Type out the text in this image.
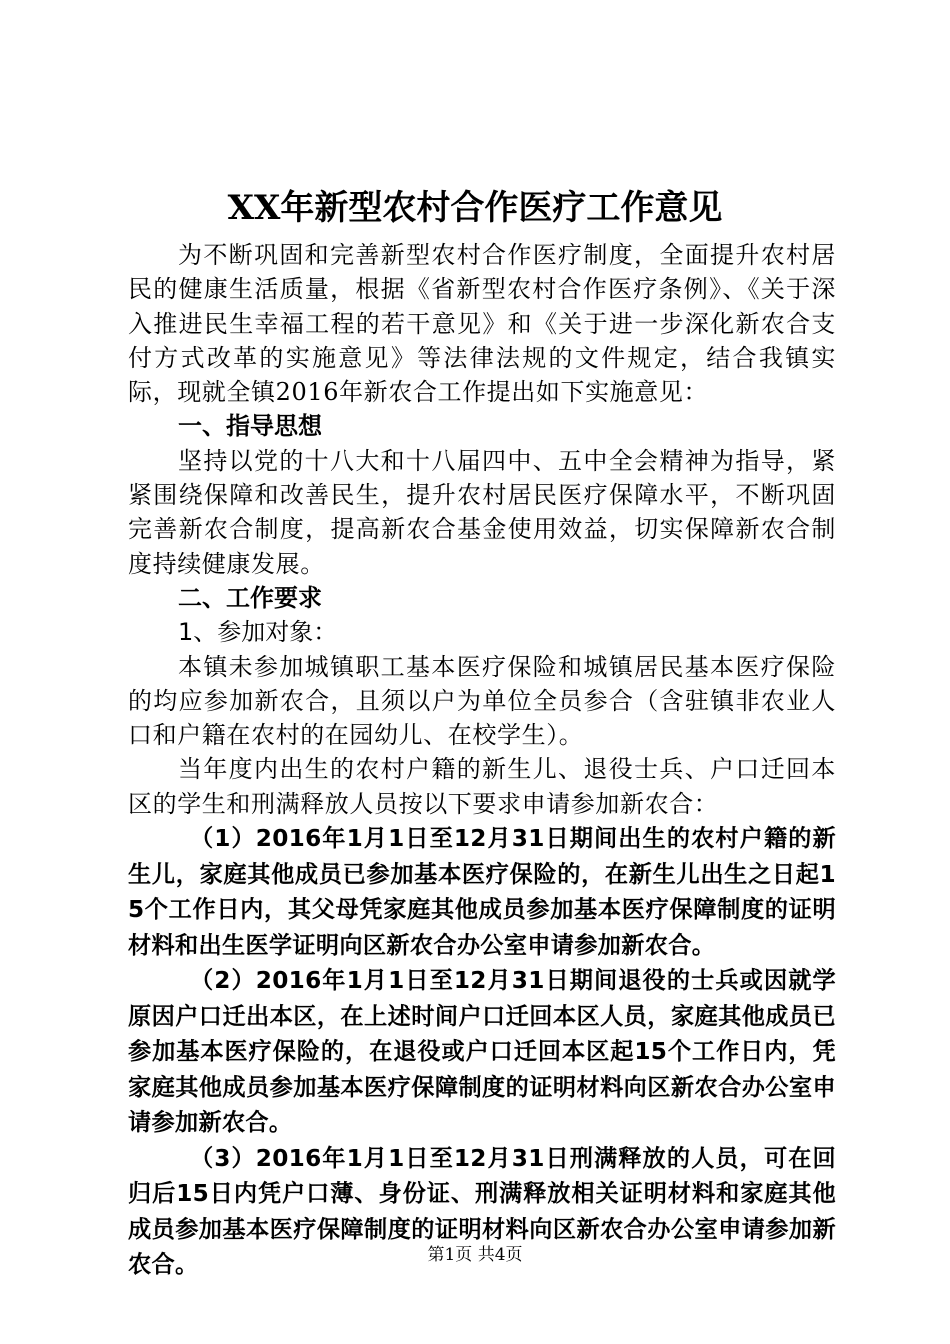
XX年新型农村合作医疗工作意见

为不断巩固和完善新型农村合作医疗制度，全面提升农村居民的健康生活质量，根据《省新型农村合作医疗条例》、《关于深入推进民生幸福工程的若干意见》和《关于进一步深化新农合支付方式改革的实施意见》等法律法规的文件规定，结合我镇实际，现就全镇2016年新农合工作提出如下实施意见：

一、指导思想

坚持以党的十八大和十八届四中、五中全会精神为指导，紧紧围绕保障和改善民生，提升农村居民医疗保障水平，不断巩固完善新农合制度，提高新农合基金使用效益，切实保障新农合制度持续健康发展。

二、工作要求

1、参加对象：

本镇未参加城镇职工基本医疗保险和城镇居民基本医疗保险的均应参加新农合，且须以户为单位全员参合（含驻镇非农业人口和户籍在农村的在园幼儿、在校学生）。

当年度内出生的农村户籍的新生儿、退役士兵、户口迁回本区的学生和刑满释放人员按以下要求申请参加新农合：

（1）2016年1月1日至12月31日期间出生的农村户籍的新生儿，家庭其他成员已参加基本医疗保险的，在新生儿出生之日起15个工作日内，其父母凭家庭其他成员参加基本医疗保障制度的证明材料和出生医学证明向区新农合办公室申请参加新农合。

（2）2016年1月1日至12月31日期间退役的士兵或因就学原因户口迁出本区，在上述时间户口迁回本区人员，家庭其他成员已参加基本医疗保险的，在退役或户口迁回本区起15个工作日内，凭家庭其他成员参加基本医疗保障制度的证明材料向区新农合办公室申请参加新农合。

（3）2016年1月1日至12月31日刑满释放的人员，可在回归后15日内凭户口薄、身份证、刑满释放相关证明材料和家庭其他成员参加基本医疗保障制度的证明材料向区新农合办公室申请参加新农合。	第1页 共4页
